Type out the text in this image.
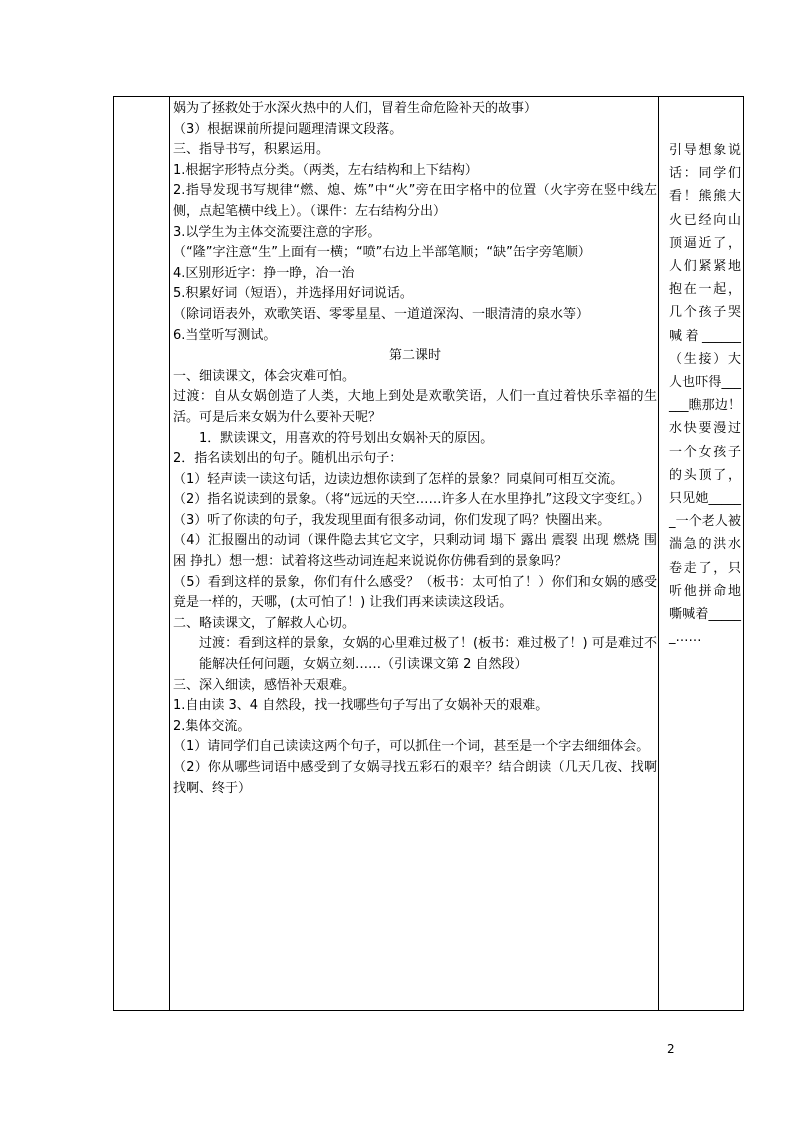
娲为了拯救处于水深火热中的人们，冒着生命危险补天的故事）

（3）根据课前所提问题理清课文段落。

三、指导书写，积累运用。

1.根据字形特点分类。（两类，左右结构和上下结构）

2.指导发现书写规律“燃、熄、炼”中“火”旁在田字格中的位置（火字旁在竖中线左侧，点起笔横中线上）。（课件：左右结构分出）

3.以学生为主体交流要注意的字形。

（“隆”字注意“生”上面有一横；“喷”右边上半部笔顺；“缺”缶字旁笔顺）

4.区别形近字：挣一睁，冶一治

5.积累好词（短语），并选择用好词说话。

（除词语表外，欢歌笑语、零零星星、一道道深沟、一眼清清的泉水等）

6.当堂听写测试。

第二课时

一、细读课文，体会灾难可怕。

过渡：自从女娲创造了人类，大地上到处是欢歌笑语，人们一直过着快乐幸福的生活。可是后来女娲为什么要补天呢？

1．默读课文，用喜欢的符号划出女娲补天的原因。

2．指名读划出的句子。随机出示句子：

（1）轻声读一读这句话，边读边想你读到了怎样的景象？同桌间可相互交流。

（2）指名说读到的景象。（将“远远的天空……许多人在水里挣扎”这段文字变红。）

（3）听了你读的句子，我发现里面有很多动词，你们发现了吗？快圈出来。

（4）汇报圈出的动词（课件隐去其它文字，只剩动词 塌下 露出 震裂 出现 燃烧 围困 挣扎）想一想：试着将这些动词连起来说说你仿佛看到的景象吗？

（5）看到这样的景象，你们有什么感受？（板书：太可怕了！）你们和女娲的感受竟是一样的，天哪，(太可怕了！) 让我们再来读读这段话。

二、略读课文，了解救人心切。

过渡：看到这样的景象，女娲的心里难过极了！(板书：难过极了！) 可是难过不能解决任何问题，女娲立刻……（引读课文第 2 自然段）

三、深入细读，感悟补天艰难。

1.自由读 3、4 自然段，找一找哪些句子写出了女娲补天的艰难。

2.集体交流。

（1）请同学们自己读读这两个句子，可以抓住一个词，甚至是一个字去细细体会。

（2）你从哪些词语中感受到了女娲寻找五彩石的艰辛？结合朗读（几天几夜、找啊找啊、终于）

引导想象说话：同学们看！熊熊大火已经向山顶逼近了，人们紧紧地抱在一起，几个孩子哭喊着______（生接）大人也吓得______瞧那边！水快要漫过一个女孩子的头顶了，只见她______一个老人被湍急的洪水卷走了，只听他拼命地嘶喊着______……

2
